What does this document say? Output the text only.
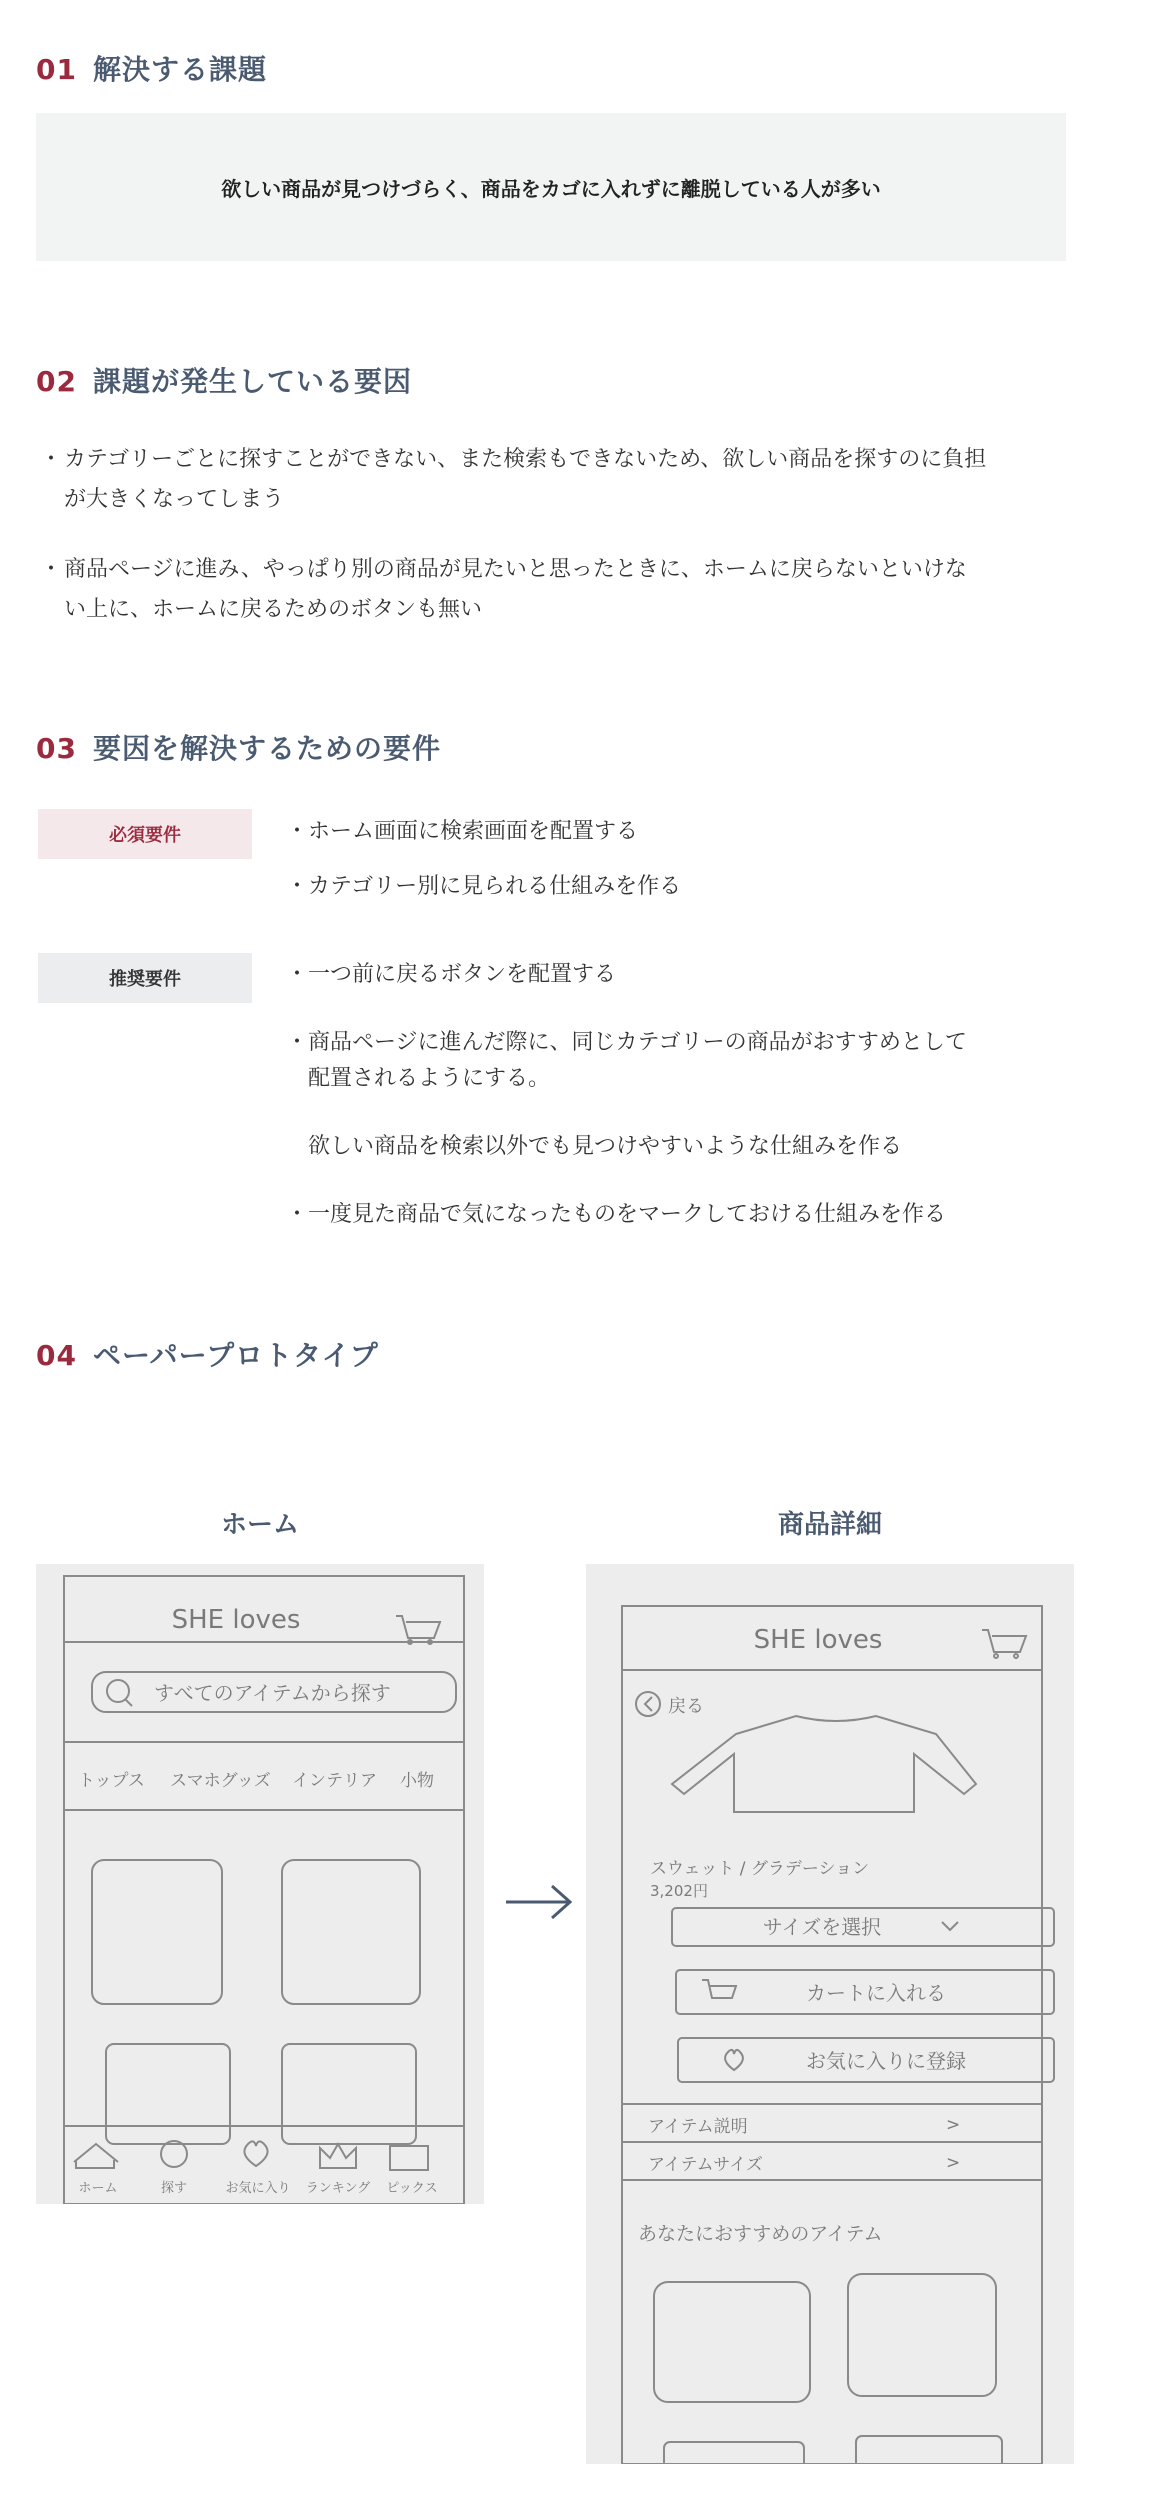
01 解決する課題
欲しい商品が見つけづらく、商品をカゴに入れずに離脱している人が多い
02 課題が発生している要因
・ カテゴリーごとに探すことができない、また検索もできないため、欲しい商品を探すのに負担
が大きくなってしまう
・ 商品ページに進み、やっぱり別の商品が見たいと思ったときに、ホームに戻らないといけな
い上に、ホームに戻るためのボタンも無い
03 要因を解決するための要件
必須要件	・ ホーム画面に検索画面を配置する
・ カテゴリー別に見られる仕組みを作る
推奨要件	・ 一つ前に戻るボタンを配置する
・ 商品ページに進んだ際に、同じカテゴリーの商品がおすすめとして
配置されるようにする。
欲しい商品を検索以外でも見つけやすいような仕組みを作る
・ 一度見た商品で気になったものをマークしておける仕組みを作る
04 ペーパープロトタイプ
ホーム	商品詳細
SHE loves
すべてのアイテムから探す
トップス スマホグッズ インテリア 小物
ホーム	探す	お気に入り ランキング ピックス
SHE loves
戻る
スウェット / グラデーション
3,202円
サイズを選択
カートに入れる
お気に入りに登録
アイテム説明	>
アイテムサイズ	>
あなたにおすすめのアイテム
